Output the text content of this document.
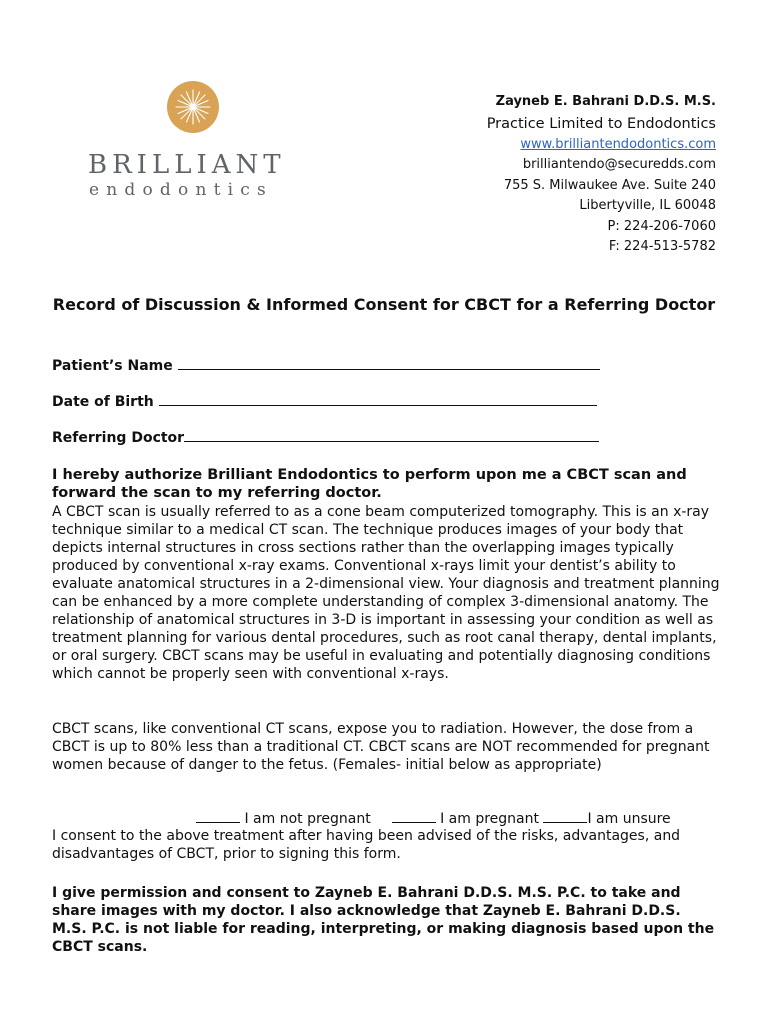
BRILLIANT
endodontics
Zayneb E. Bahrani D.D.S. M.S.
Practice Limited to Endodontics
www.brilliantendodontics.com
brilliantendo@securedds.com
755 S. Milwaukee Ave. Suite 240
Libertyville, IL 60048
P: 224-206-7060
F: 224-513-5782
Record of Discussion & Informed Consent for CBCT for a Referring Doctor
Patient’s Name
Date of Birth
Referring Doctor
I hereby authorize Brilliant Endodontics to perform upon me a CBCT scan and forward the scan to my referring doctor.
A CBCT scan is usually referred to as a cone beam computerized tomography. This is an x-ray technique similar to a medical CT scan. The technique produces images of your body that depicts internal structures in cross sections rather than the overlapping images typically produced by conventional x-ray exams. Conventional x-rays limit your dentist’s ability to evaluate anatomical structures in a 2-dimensional view. Your diagnosis and treatment planning can be enhanced by a more complete understanding of complex 3-dimensional anatomy. The relationship of anatomical structures in 3-D is important in assessing your condition as well as treatment planning for various dental procedures, such as root canal therapy, dental implants, or oral surgery. CBCT scans may be useful in evaluating and potentially diagnosing conditions which cannot be properly seen with conventional x-rays.
CBCT scans, like conventional CT scans, expose you to radiation. However, the dose from a CBCT is up to 80% less than a traditional CT. CBCT scans are NOT recommended for pregnant women because of danger to the fetus. (Females- initial below as appropriate)
I am not pregnant	I am pregnant	I am unsure
I consent to the above treatment after having been advised of the risks, advantages, and disadvantages of CBCT, prior to signing this form.
I give permission and consent to Zayneb E. Bahrani D.D.S. M.S. P.C. to take and share images with my doctor. I also acknowledge that Zayneb E. Bahrani D.D.S. M.S. P.C. is not liable for reading, interpreting, or making diagnosis based upon the CBCT scans.
